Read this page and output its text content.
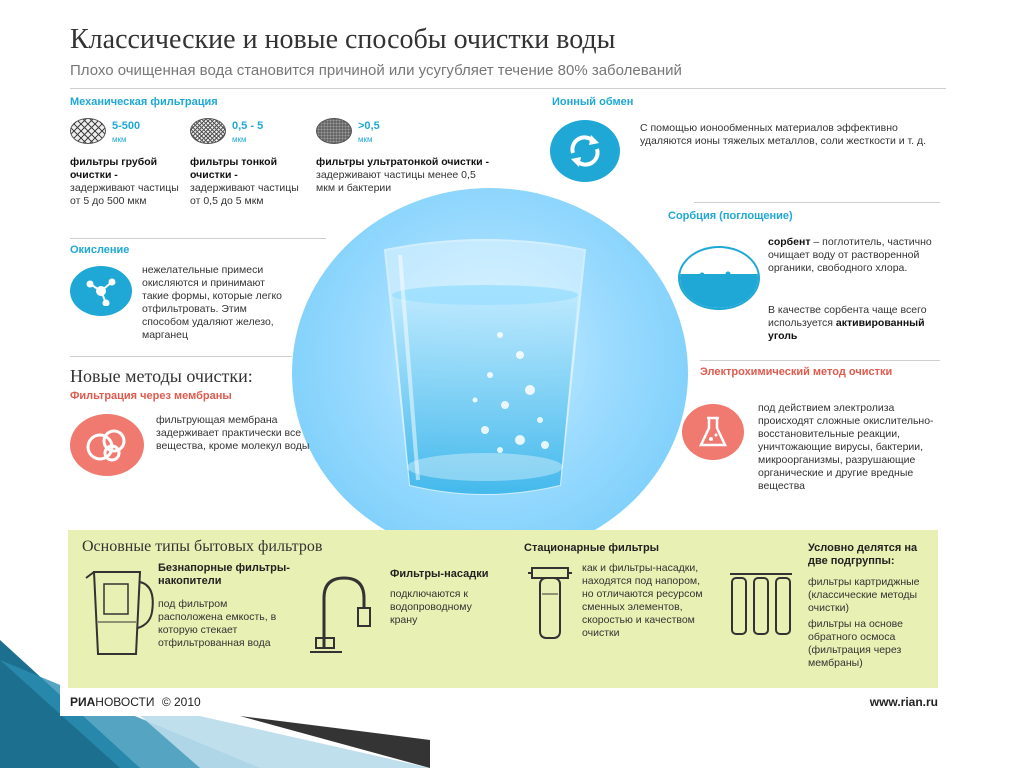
Классические и новые способы очистки воды
Плохо очищенная вода становится причиной или усугубляет течение 80% заболеваний
Механическая фильтрация
5-500
мкм
фильтры грубой очистки - задерживают частицы от 5 до 500 мкм
0,5 - 5
мкм
фильтры тонкой очистки - задерживают частицы от 0,5 до 5 мкм
>0,5
мкм
фильтры ультратонкой очистки - задерживают частицы менее 0,5 мкм и бактерии
Окисление
нежелательные примеси окисляются и принимают такие формы, которые легко отфильтровать. Этим способом удаляют железо, марганец
Новые методы очистки:
Фильтрация через мембраны
фильтрующая мембрана задерживает практически все вещества, кроме молекул воды
Ионный обмен
С помощью ионообменных материалов эффективно удаляются ионы тяжелых металлов, соли жесткости и т. д.
Сорбция (поглощение)
сорбент – поглотитель, частично очищает воду от растворенной органики, свободного хлора.
В качестве сорбента чаще всего используется активированный уголь
Электрохимический метод очистки
под действием электролиза происходят сложные окислительно-восстановительные реакции, уничтожающие вирусы, бактерии, микроорганизмы, разрушающие органические и другие вредные вещества
Основные типы бытовых фильтров
Безнапорные фильтры-накопители
под фильтром расположена емкость, в которую стекает отфильтрованная вода
Фильтры-насадки
подключаются к водопроводному крану
Стационарные фильтры
как и фильтры-насадки, находятся под напором, но отличаются ресурсом сменных элементов, скоростью и качеством очистки
Условно делятся на две подгруппы:
фильтры картриджные (классические методы очистки)
фильтры на основе обратного осмоса (фильтрация через мембраны)
РИАНОВОСТИ © 2010	www.rian.ru
